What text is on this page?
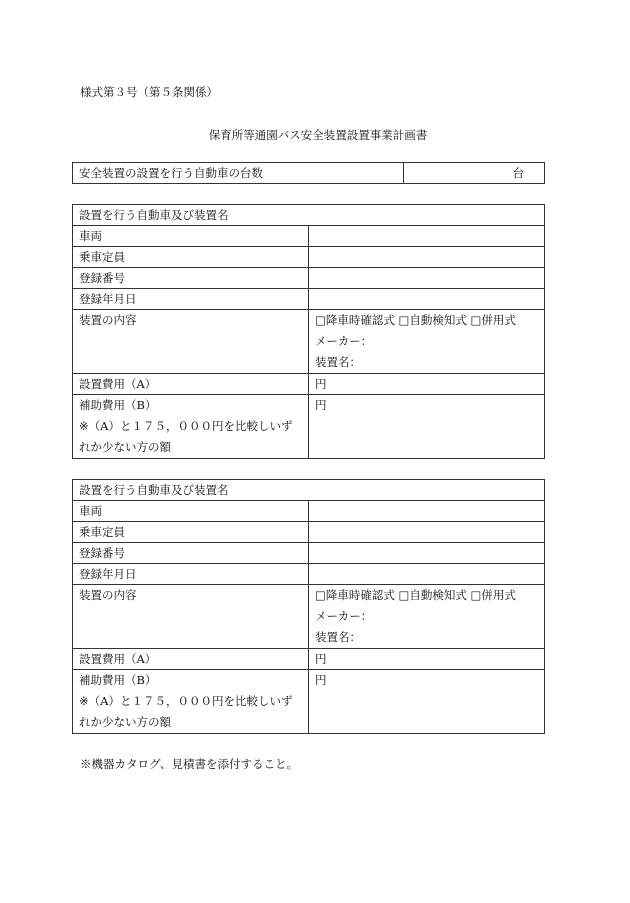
様式第３号（第５条関係）
保育所等通園バス安全装置設置事業計画書
安全装置の設置を行う自動車の台数	台
設置を行う自動車及び装置名	
車両	
乗車定員	
登録番号	
登録年月日	

装置の内容	□降車時確認式 □自動検知式 □併用式
メーカー：
装置名：

設置費用（A）	円

補助費用（B）
※（A）と１７５，０００円を比較しいず
れか少ない方の額	円
設置を行う自動車及び装置名	
車両	
乗車定員	
登録番号	
登録年月日	

装置の内容	□降車時確認式 □自動検知式 □併用式
メーカー：
装置名：

設置費用（A）	円

補助費用（B）
※（A）と１７５，０００円を比較しいず
れか少ない方の額	円
※機器カタログ、見積書を添付すること。
